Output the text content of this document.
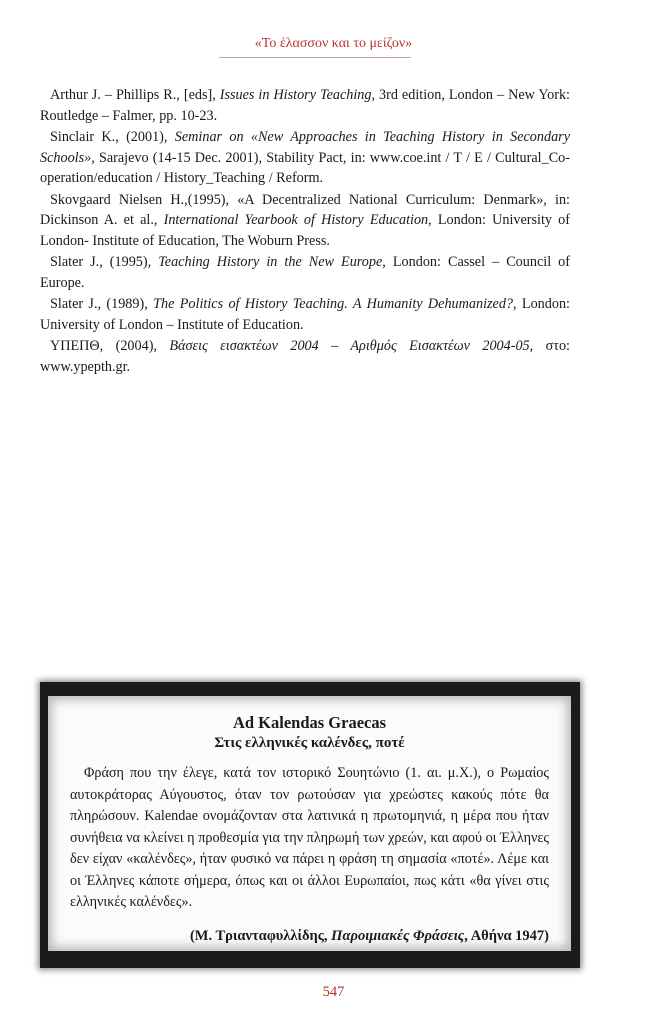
«Το έλασσον και το μείζον»

Arthur J. – Phillips R., [eds], Issues in History Teaching, 3rd edition, London – New York: Routledge – Falmer, pp. 10-23.

Sinclair K., (2001), Seminar on «New Approaches in Teaching History in Secondary Schools», Sarajevo (14-15 Dec. 2001), Stability Pact, in: www.coe.int / T / E / Cultural_Co-operation/education / History_Teaching / Reform.

Skovgaard Nielsen H.,(1995), «A Decentralized National Curriculum: Denmark», in: Dickinson A. et al., International Yearbook of History Education, London: University of London- Institute of Education, The Woburn Press.

Slater J., (1995), Teaching History in the New Europe, London: Cassel – Council of Europe.

Slater J., (1989), The Politics of History Teaching. A Humanity Dehumanized?, London: University of London – Institute of Education.

ΥΠΕΠΘ, (2004), Βάσεις εισακτέων 2004 – Αριθμός Εισακτέων 2004-05, στο: www.ypepth.gr.

Ad Kalendas Graecas
Στις ελληνικές καλένδες, ποτέ
Φράση που την έλεγε, κατά τον ιστορικό Σουητώνιο (1. αι. μ.Χ.), ο Ρωμαίος αυτοκράτορας Αύγουστος, όταν τον ρωτούσαν για χρεώστες κακούς πότε θα πληρώσουν. Kalendae ονομάζονταν στα λατινικά η πρωτομηνιά, η μέρα που ήταν συνήθεια να κλείνει η προθεσμία για την πληρωμή των χρεών, και αφού οι Έλληνες δεν είχαν «καλένδες», ήταν φυσικό να πάρει η φράση τη σημασία «ποτέ». Λέμε και οι Έλληνες κάποτε σήμερα, όπως και οι άλλοι Ευρωπαίοι, πως κάτι «θα γίνει στις ελληνικές καλένδες».
(Μ. Τριανταφυλλίδης, Παροιμιακές Φράσεις, Αθήνα 1947)
547
